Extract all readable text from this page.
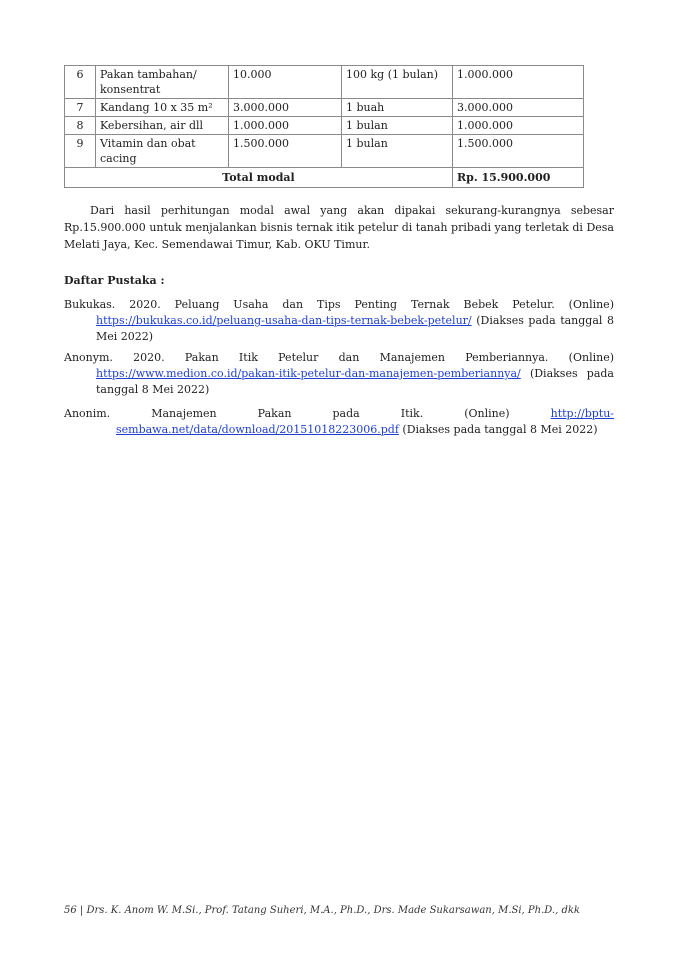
6	Pakan tambahan/ konsentrat	10.000	100 kg (1 bulan)	1.000.000
7	Kandang 10 x 35 m²	3.000.000	1 buah	3.000.000
8	Kebersihan, air dll	1.000.000	1 bulan	1.000.000
9	Vitamin dan obat cacing	1.500.000	1 bulan	1.500.000
Total modal				Rp. 15.900.000

Dari hasil perhitungan modal awal yang akan dipakai sekurang-kurangnya sebesar Rp.15.900.000 untuk menjalankan bisnis ternak itik petelur di tanah pribadi yang terletak di Desa Melati Jaya, Kec. Semendawai Timur, Kab. OKU Timur.

Daftar Pustaka :

Bukukas. 2020. Peluang Usaha dan Tips Penting Ternak Bebek Petelur. (Online) https://bukukas.co.id/peluang-usaha-dan-tips-ternak-bebek-petelur/ (Diakses pada tanggal 8 Mei 2022)

Anonym. 2020. Pakan Itik Petelur dan Manajemen Pemberiannya. (Online) https://www.medion.co.id/pakan-itik-petelur-dan-manajemen-pemberiannya/ (Diakses pada tanggal 8 Mei 2022)

Anonim. Manajemen Pakan pada Itik. (Online) http://bptu-sembawa.net/data/download/20151018223006.pdf (Diakses pada tanggal 8 Mei 2022)

56 | Drs. K. Anom W. M.Si., Prof. Tatang Suheri, M.A., Ph.D., Drs. Made Sukarsawan, M.Si, Ph.D., dkk
